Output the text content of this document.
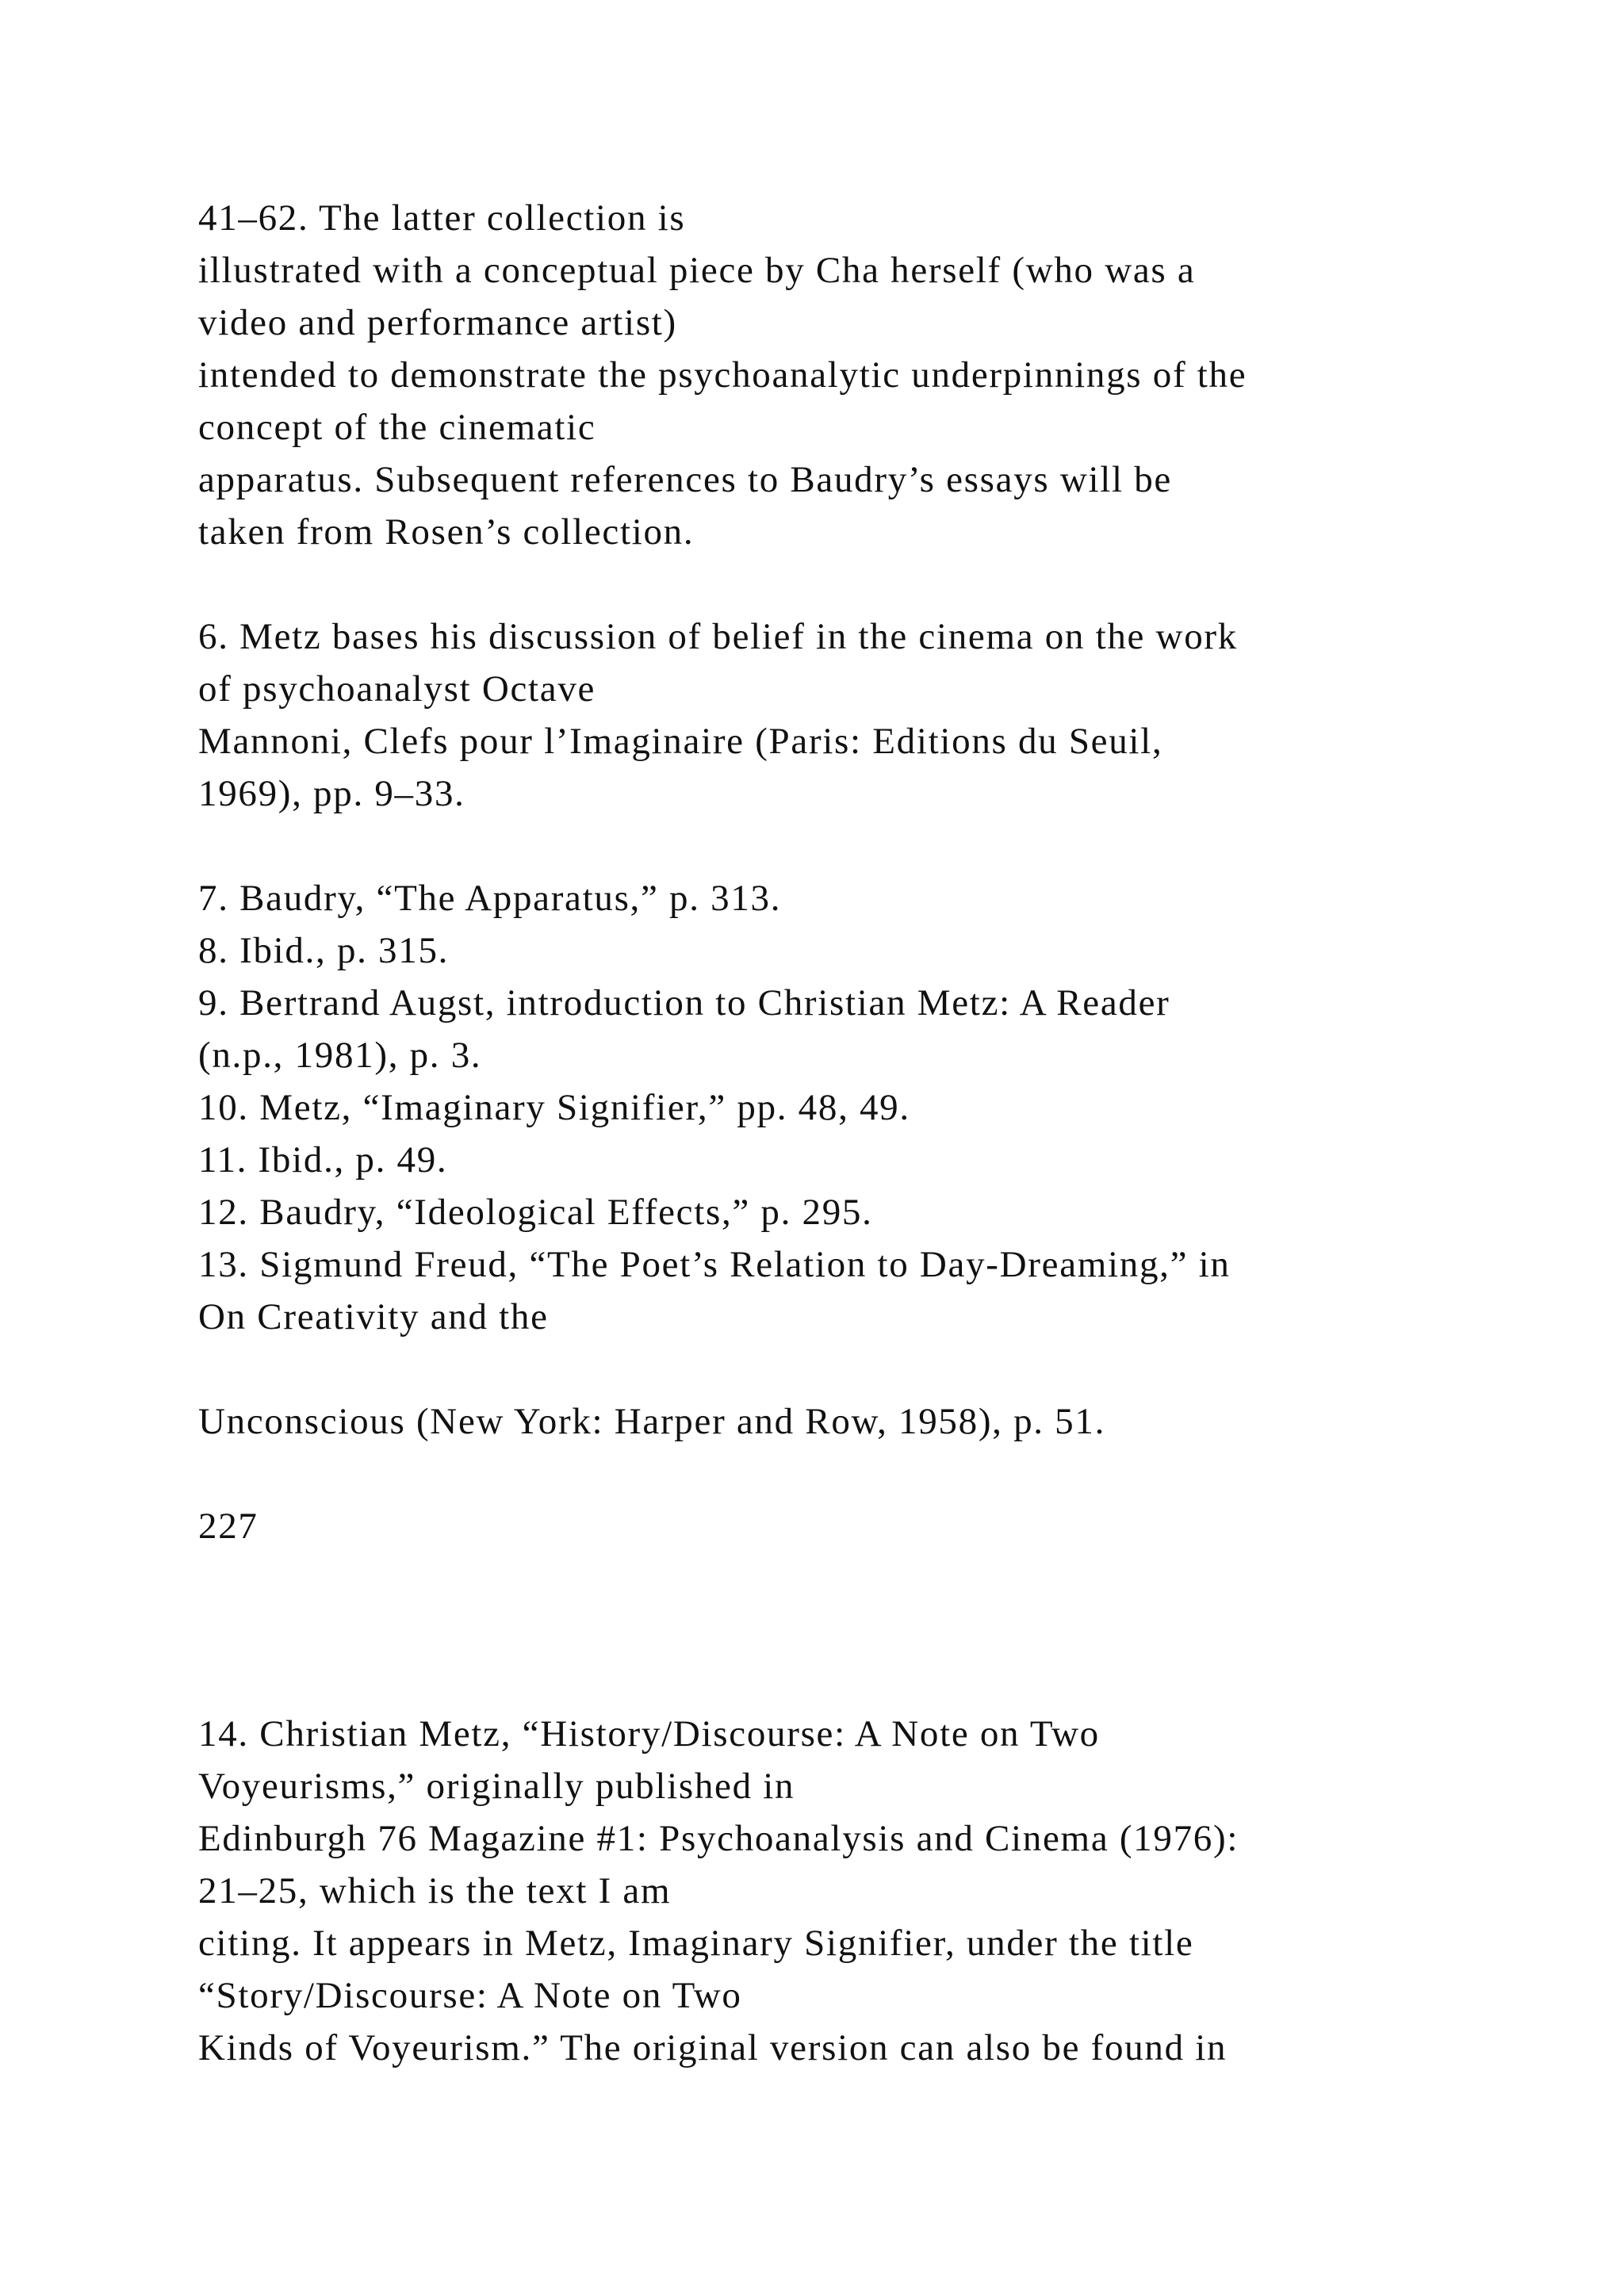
41–62. The latter collection is

illustrated with a conceptual piece by Cha herself (who was a

video and performance artist)

intended to demonstrate the psychoanalytic underpinnings of the

concept of the cinematic

apparatus. Subsequent references to Baudry’s essays will be

taken from Rosen’s collection.

6. Metz bases his discussion of belief in the cinema on the work

of psychoanalyst Octave

Mannoni, Clefs pour l’Imaginaire (Paris: Editions du Seuil,

1969), pp. 9–33.

7. Baudry, “The Apparatus,” p. 313.

8. Ibid., p. 315.

9. Bertrand Augst, introduction to Christian Metz: A Reader

(n.p., 1981), p. 3.

10. Metz, “Imaginary Signifier,” pp. 48, 49.

11. Ibid., p. 49.

12. Baudry, “Ideological Effects,” p. 295.

13. Sigmund Freud, “The Poet’s Relation to Day-Dreaming,” in

On Creativity and the

Unconscious (New York: Harper and Row, 1958), p. 51.

227

14. Christian Metz, “History/Discourse: A Note on Two

Voyeurisms,” originally published in

Edinburgh 76 Magazine #1: Psychoanalysis and Cinema (1976):

21–25, which is the text I am

citing. It appears in Metz, Imaginary Signifier, under the title

“Story/Discourse: A Note on Two

Kinds of Voyeurism.” The original version can also be found in
